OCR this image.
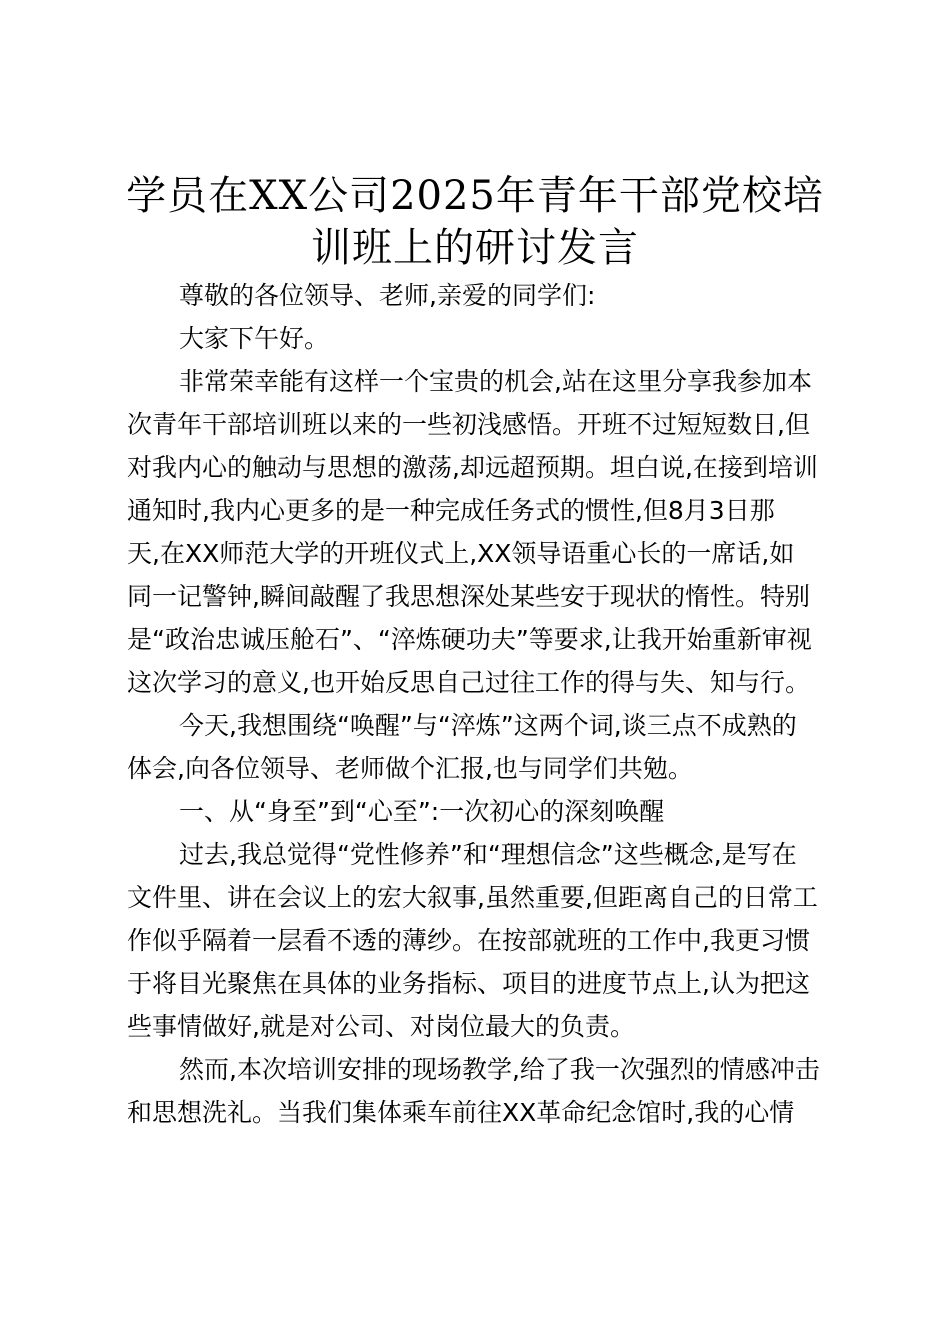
学员在XX公司2025年青年干部党校培
训班上的研讨发言

尊敬的各位领导、老师,亲爱的同学们:

大家下午好。

非常荣幸能有这样一个宝贵的机会,站在这里分享我参加本
次青年干部培训班以来的一些初浅感悟。开班不过短短数日,但
对我内心的触动与思想的激荡,却远超预期。坦白说,在接到培训
通知时,我内心更多的是一种完成任务式的惯性,但8月3日那
天,在XX师范大学的开班仪式上,XX领导语重心长的一席话,如
同一记警钟,瞬间敲醒了我思想深处某些安于现状的惰性。特别
是“政治忠诚压舱石”、“淬炼硬功夫”等要求,让我开始重新审视
这次学习的意义,也开始反思自己过往工作的得与失、知与行。

今天,我想围绕“唤醒”与“淬炼”这两个词,谈三点不成熟的
体会,向各位领导、老师做个汇报,也与同学们共勉。

一、从“身至”到“心至”:一次初心的深刻唤醒

过去,我总觉得“党性修养”和“理想信念”这些概念,是写在
文件里、讲在会议上的宏大叙事,虽然重要,但距离自己的日常工
作似乎隔着一层看不透的薄纱。在按部就班的工作中,我更习惯
于将目光聚焦在具体的业务指标、项目的进度节点上,认为把这
些事情做好,就是对公司、对岗位最大的负责。

然而,本次培训安排的现场教学,给了我一次强烈的情感冲击
和思想洗礼。当我们集体乘车前往XX革命纪念馆时,我的心情
